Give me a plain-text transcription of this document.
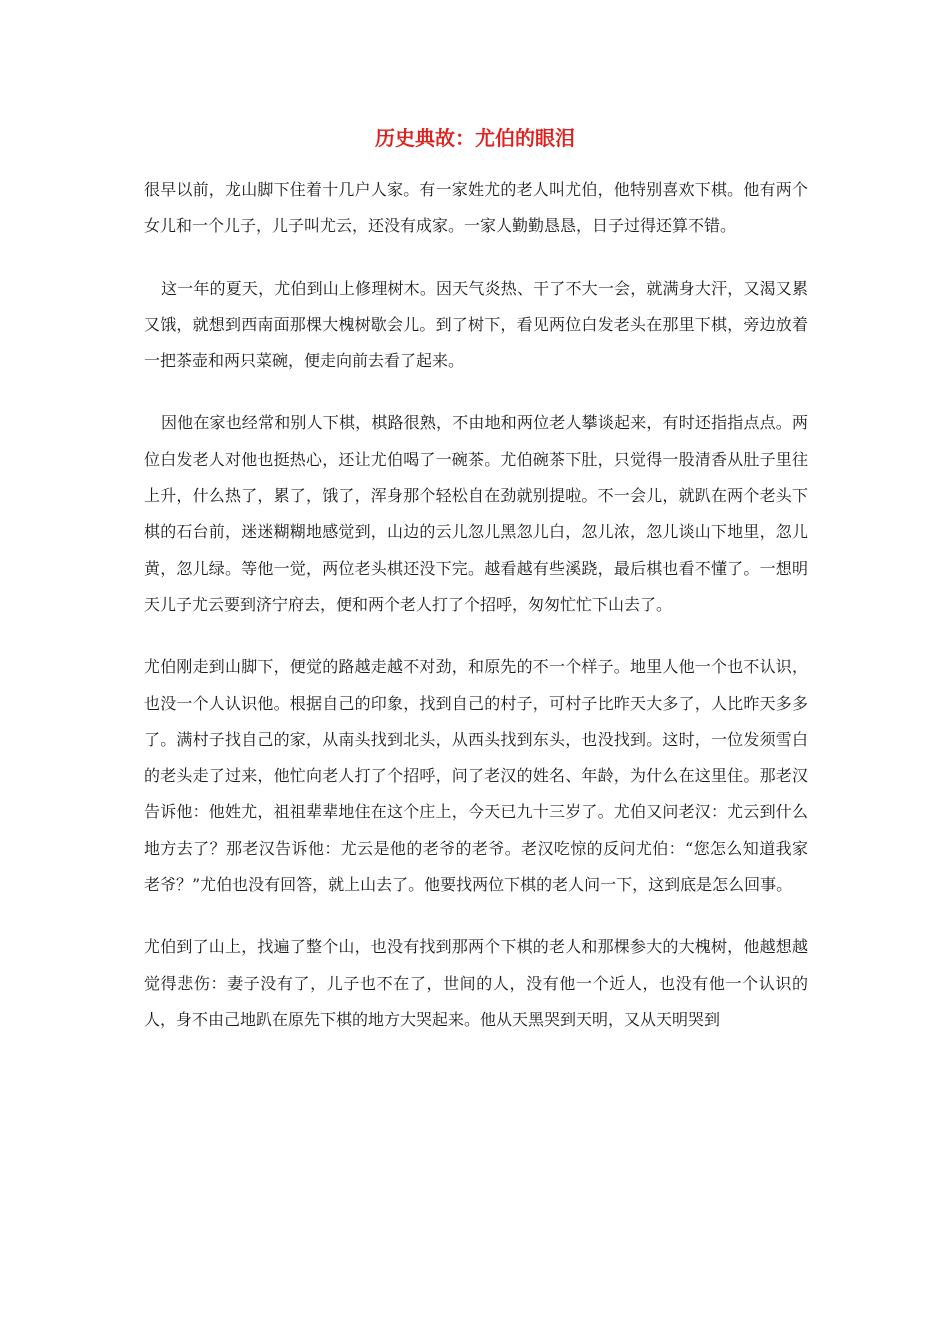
历史典故：尤伯的眼泪

很早以前，龙山脚下住着十几户人家。有一家姓尤的老人叫尤伯，他特别喜欢下棋。他有两个女儿和一个儿子，儿子叫尤云，还没有成家。一家人勤勤恳恳，日子过得还算不错。

这一年的夏天，尤伯到山上修理树木。因天气炎热、干了不大一会，就满身大汗，又渴又累又饿，就想到西南面那棵大槐树歇会儿。到了树下，看见两位白发老头在那里下棋，旁边放着一把茶壶和两只菜碗，便走向前去看了起来。

因他在家也经常和别人下棋，棋路很熟，不由地和两位老人攀谈起来，有时还指指点点。两位白发老人对他也挺热心，还让尤伯喝了一碗茶。尤伯碗茶下肚，只觉得一股清香从肚子里往上升，什么热了，累了，饿了，浑身那个轻松自在劲就别提啦。不一会儿，就趴在两个老头下棋的石台前，迷迷糊糊地感觉到，山边的云儿忽儿黑忽儿白，忽儿浓，忽儿谈山下地里，忽儿黄，忽儿绿。等他一觉，两位老头棋还没下完。越看越有些溪跷，最后棋也看不懂了。一想明天儿子尤云要到济宁府去，便和两个老人打了个招呼，匆匆忙忙下山去了。

尤伯刚走到山脚下，便觉的路越走越不对劲，和原先的不一个样子。地里人他一个也不认识，也没一个人认识他。根据自己的印象，找到自己的村子，可村子比昨天大多了，人比昨天多多了。满村子找自己的家，从南头找到北头，从西头找到东头，也没找到。这时，一位发须雪白的老头走了过来，他忙向老人打了个招呼，问了老汉的姓名、年龄，为什么在这里住。那老汉告诉他：他姓尤，祖祖辈辈地住在这个庄上，今天已九十三岁了。尤伯又问老汉：尤云到什么地方去了？那老汉告诉他：尤云是他的老爷的老爷。老汉吃惊的反问尤伯：“您怎么知道我家老爷？”尤伯也没有回答，就上山去了。他要找两位下棋的老人问一下，这到底是怎么回事。

尤伯到了山上，找遍了整个山，也没有找到那两个下棋的老人和那棵参大的大槐树，他越想越觉得悲伤：妻子没有了，儿子也不在了，世间的人，没有他一个近人，也没有他一个认识的人，身不由己地趴在原先下棋的地方大哭起来。他从天黑哭到天明，又从天明哭到
